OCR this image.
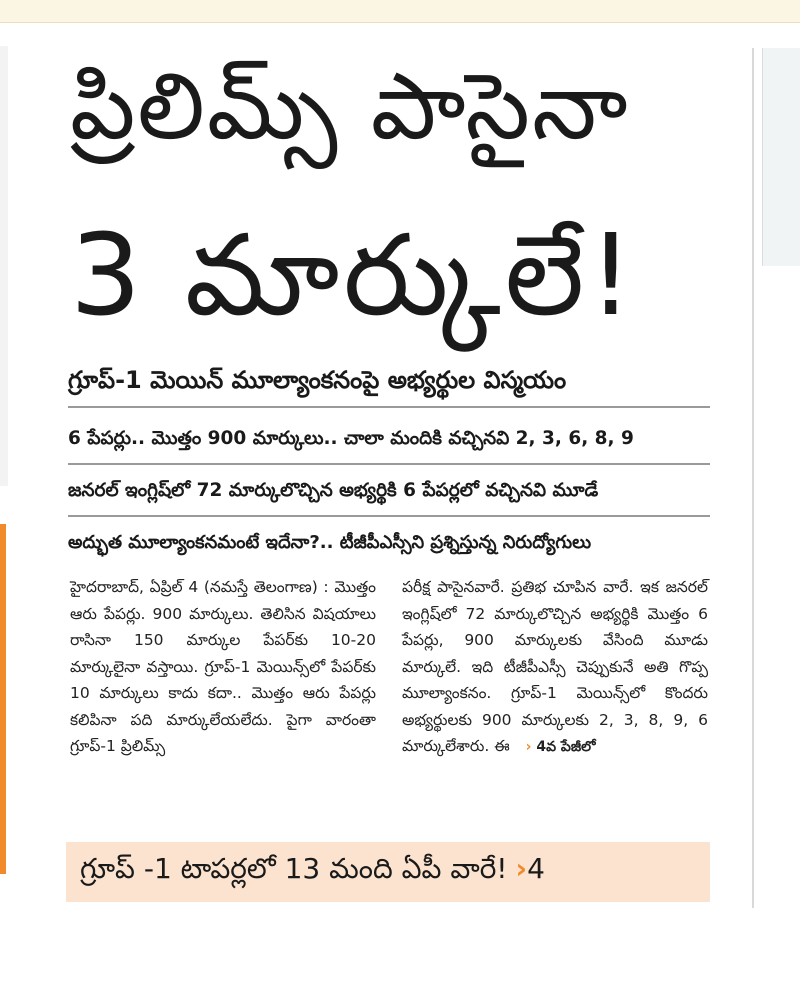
ప్రిలిమ్స్ పాసైనా
3 మార్కులే!
గ్రూప్-1 మెయిన్ మూల్యాంకనంపై అభ్యర్థుల విస్మయం
6 పేపర్లు.. మొత్తం 900 మార్కులు.. చాలా మందికి వచ్చినవి 2, 3, 6, 8, 9
జనరల్ ఇంగ్లిష్‌లో 72 మార్కులొచ్చిన అభ్యర్థికి 6 పేపర్లలో వచ్చినవి మూడే
అద్భుత మూల్యాంకనమంటే ఇదేనా?.. టీజీపీఎస్సీని ప్రశ్నిస్తున్న నిరుద్యోగులు

హైదరాబాద్, ఏప్రిల్ 4 (నమస్తే తెలంగాణ) : మొత్తం ఆరు పేపర్లు. 900 మార్కులు. తెలిసిన విషయాలు రాసినా 150 మార్కుల పేపర్‌కు 10-20 మార్కులైనా వస్తాయి. గ్రూప్-1 మెయిన్స్‌లో పేపర్‌కు 10 మార్కులు కాదు కదా.. మొత్తం ఆరు పేపర్లు కలిపినా పది మార్కులేయలేదు. పైగా వారంతా గ్రూప్-1 ప్రిలిమ్స్

పరీక్ష పాసైనవారే. ప్రతిభ చూపిన వారే. ఇక జనరల్ ఇంగ్లిష్‌లో 72 మార్కులొచ్చిన అభ్యర్థికి మొత్తం 6 పేపర్లు, 900 మార్కులకు వేసింది మూడు మార్కులే. ఇది టీజీపీఎస్సీ చెప్పుకునే అతి గొప్ప మూల్యాంకనం. గ్రూప్-1 మెయిన్స్‌లో కొందరు అభ్యర్థులకు 900 మార్కులకు 2, 3, 8, 9, 6 మార్కులేశారు. ఈ › 4వ పేజీలో

గ్రూప్ -1 టాపర్లలో 13 మంది ఏపీ వారే! ›4
